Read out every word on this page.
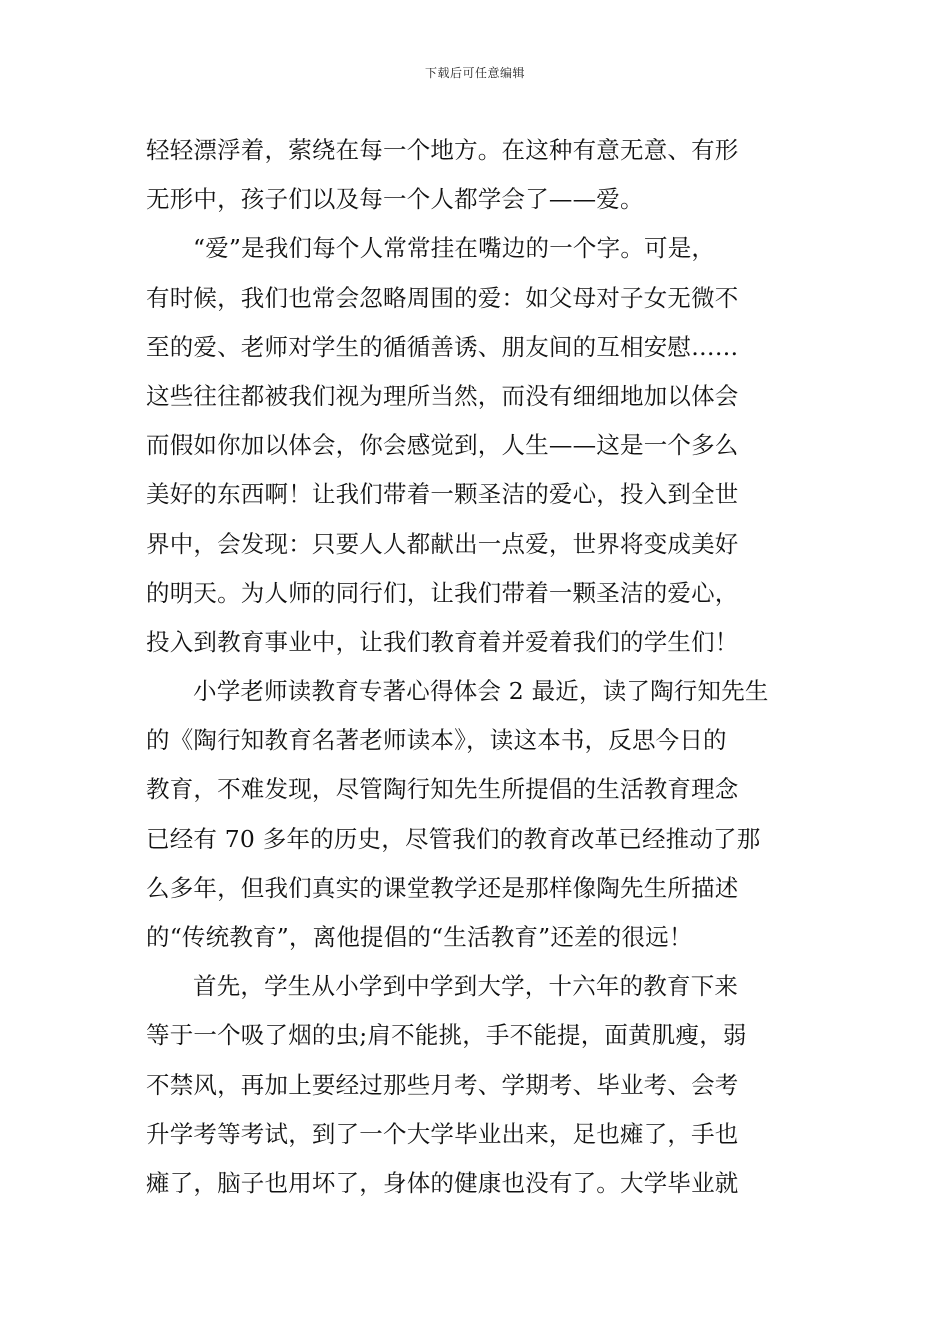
下载后可任意编辑
轻轻漂浮着，萦绕在每一个地方。在这种有意无意、有形
无形中，孩子们以及每一个人都学会了——爱。
“爱”是我们每个人常常挂在嘴边的一个字。可是，
有时候，我们也常会忽略周围的爱：如父母对子女无微不
至的爱、老师对学生的循循善诱、朋友间的互相安慰……
这些往往都被我们视为理所当然，而没有细细地加以体会
而假如你加以体会，你会感觉到，人生——这是一个多么
美好的东西啊！让我们带着一颗圣洁的爱心，投入到全世
界中，会发现：只要人人都献出一点爱，世界将变成美好
的明天。为人师的同行们，让我们带着一颗圣洁的爱心，
投入到教育事业中，让我们教育着并爱着我们的学生们！
小学老师读教育专著心得体会 2 最近，读了陶行知先生
的《陶行知教育名著老师读本》，读这本书，反思今日的
教育，不难发现，尽管陶行知先生所提倡的生活教育理念
已经有 70 多年的历史，尽管我们的教育改革已经推动了那
么多年，但我们真实的课堂教学还是那样像陶先生所描述
的“传统教育”，离他提倡的“生活教育”还差的很远！
首先，学生从小学到中学到大学，十六年的教育下来
等于一个吸了烟的虫;肩不能挑，手不能提，面黄肌瘦，弱
不禁风，再加上要经过那些月考、学期考、毕业考、会考
升学考等考试，到了一个大学毕业出来，足也瘫了，手也
瘫了，脑子也用坏了，身体的健康也没有了。大学毕业就
